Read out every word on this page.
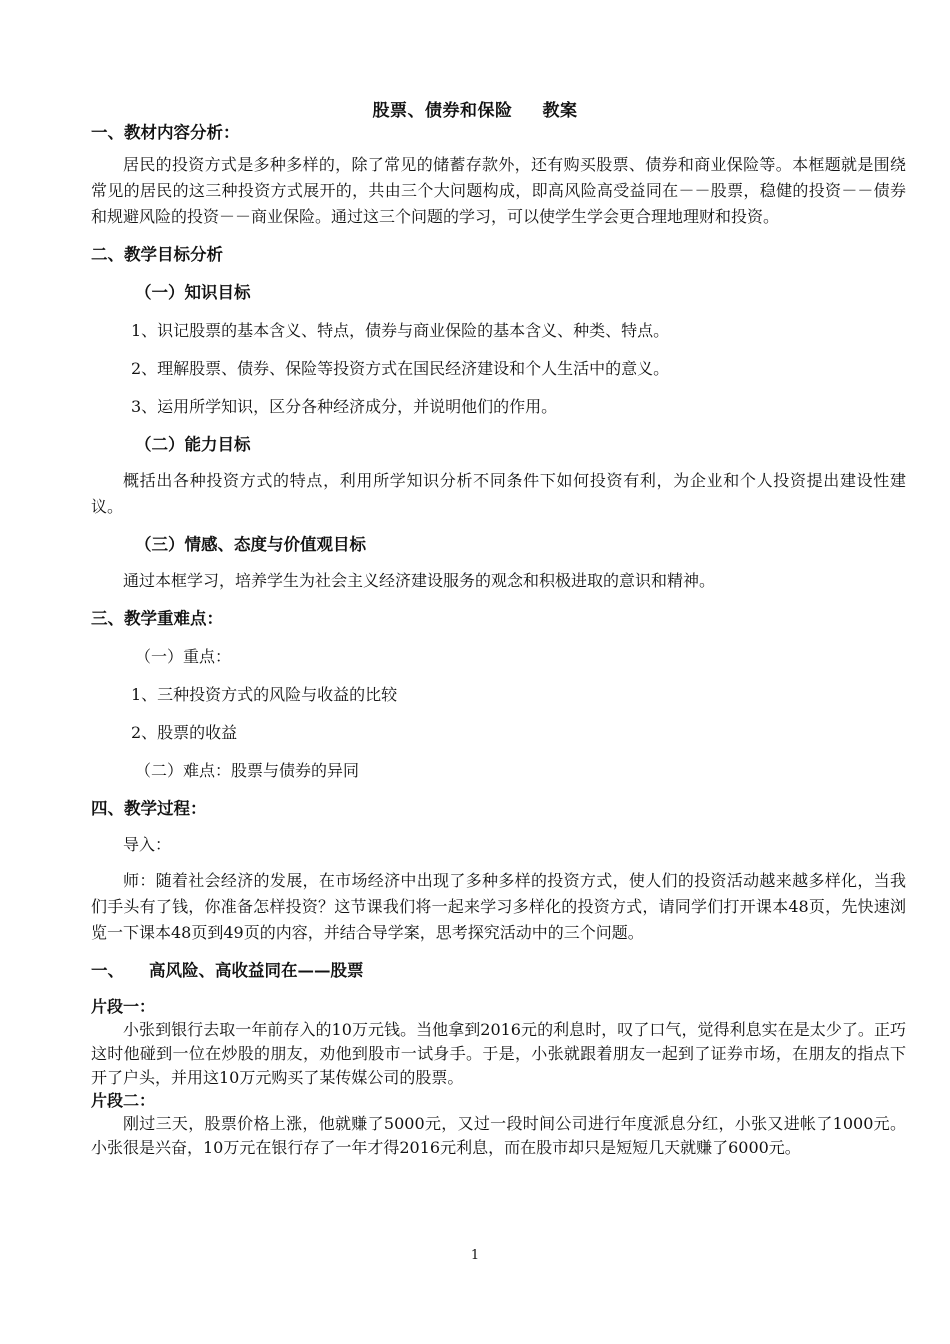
股票、债券和保险 教案

一、教材内容分析：

居民的投资方式是多种多样的，除了常见的储蓄存款外，还有购买股票、债券和商业保险等。本框题就是围绕常见的居民的这三种投资方式展开的，共由三个大问题构成，即高风险高受益同在－－股票，稳健的投资－－债券和规避风险的投资－－商业保险。通过这三个问题的学习，可以使学生学会更合理地理财和投资。

二、教学目标分析

（一）知识目标

1、识记股票的基本含义、特点，债券与商业保险的基本含义、种类、特点。

2、理解股票、债券、保险等投资方式在国民经济建设和个人生活中的意义。

3、运用所学知识，区分各种经济成分，并说明他们的作用。

（二）能力目标

概括出各种投资方式的特点，利用所学知识分析不同条件下如何投资有利，为企业和个人投资提出建设性建议。

（三）情感、态度与价值观目标

通过本框学习，培养学生为社会主义经济建设服务的观念和积极进取的意识和精神。

三、教学重难点：

（一）重点：

1、三种投资方式的风险与收益的比较

2、股票的收益

（二）难点：股票与债券的异同

四、教学过程：

导入：

师：随着社会经济的发展，在市场经济中出现了多种多样的投资方式，使人们的投资活动越来越多样化，当我们手头有了钱，你准备怎样投资？这节课我们将一起来学习多样化的投资方式，请同学们打开课本48页，先快速浏览一下课本48页到49页的内容，并结合导学案，思考探究活动中的三个问题。

一、 高风险、高收益同在——股票

片段一：

小张到银行去取一年前存入的10万元钱。当他拿到2016元的利息时，叹了口气，觉得利息实在是太少了。正巧这时他碰到一位在炒股的朋友，劝他到股市一试身手。于是，小张就跟着朋友一起到了证券市场，在朋友的指点下开了户头，并用这10万元购买了某传媒公司的股票。

片段二：

刚过三天，股票价格上涨，他就赚了5000元，又过一段时间公司进行年度派息分红，小张又进帐了1000元。小张很是兴奋，10万元在银行存了一年才得2016元利息，而在股市却只是短短几天就赚了6000元。

1
